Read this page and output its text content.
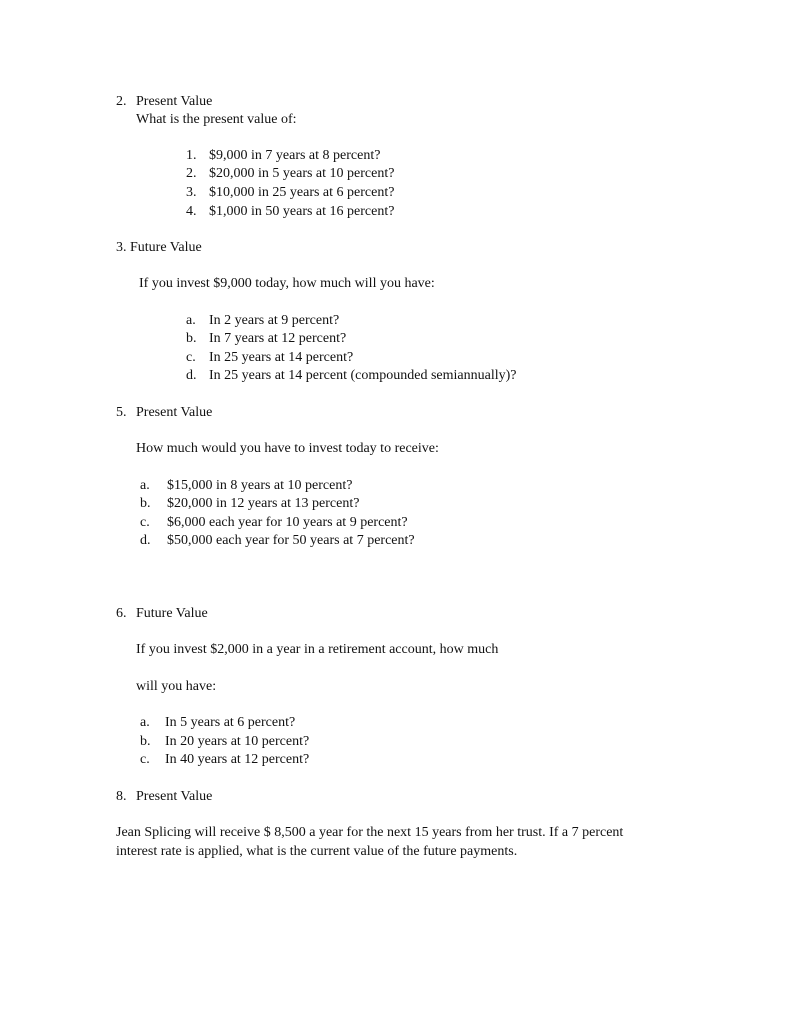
2. Present Value
What is the present value of:
1. $9,000 in 7 years at 8 percent?
2. $20,000 in 5 years at 10 percent?
3. $10,000 in 25 years at 6 percent?
4. $1,000 in 50 years at 16 percent?
3. Future Value
If you invest $9,000 today, how much will you have:
a. In 2 years at 9 percent?
b. In 7 years at 12 percent?
c. In 25 years at 14 percent?
d. In 25 years at 14 percent (compounded semiannually)?
5. Present Value
How much would you have to invest today to receive:
a. $15,000 in 8 years at 10 percent?
b. $20,000 in 12 years at 13 percent?
c. $6,000 each year for 10 years at 9 percent?
d. $50,000 each year for 50 years at 7 percent?
6. Future Value
If you invest $2,000 in a year in a retirement account, how much
will you have:
a. In 5 years at 6 percent?
b. In 20 years at 10 percent?
c. In 40 years at 12 percent?
8. Present Value
Jean Splicing will receive $ 8,500 a year for the next 15 years from her trust. If a 7 percent
interest rate is applied, what is the current value of the future payments.
